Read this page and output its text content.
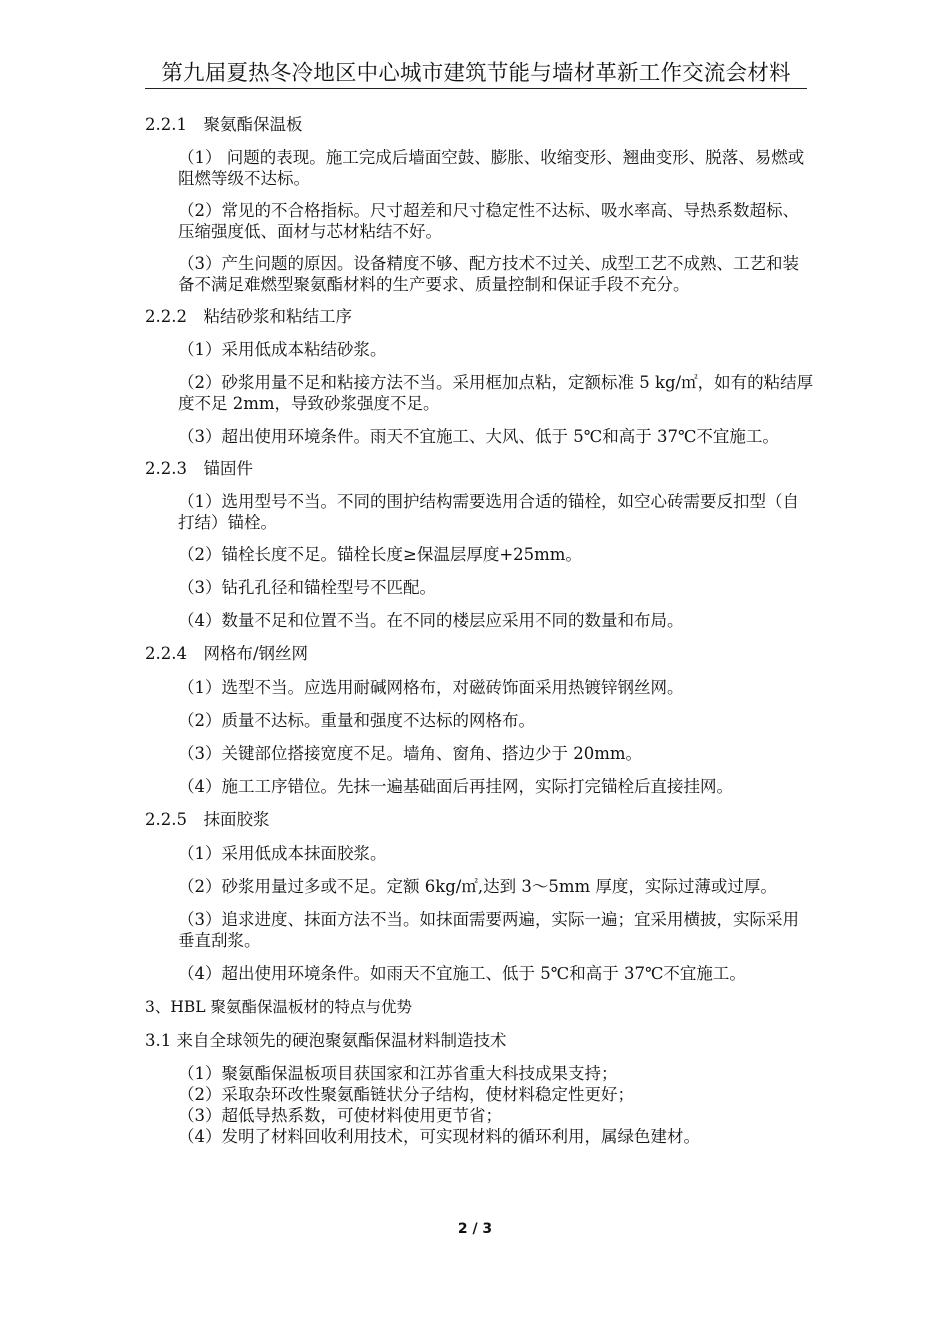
第九届夏热冬冷地区中心城市建筑节能与墙材革新工作交流会材料
2.2.1　聚氨酯保温板

（1） 问题的表现。施工完成后墙面空鼓、膨胀、收缩变形、翘曲变形、脱落、易燃或阻燃等级不达标。

（2）常见的不合格指标。尺寸超差和尺寸稳定性不达标、吸水率高、导热系数超标、压缩强度低、面材与芯材粘结不好。

（3）产生问题的原因。设备精度不够、配方技术不过关、成型工艺不成熟、工艺和装备不满足难燃型聚氨酯材料的生产要求、质量控制和保证手段不充分。

2.2.2　粘结砂浆和粘结工序

（1）采用低成本粘结砂浆。

（2）砂浆用量不足和粘接方法不当。采用框加点粘，定额标准 5 kg/㎡，如有的粘结厚度不足 2mm，导致砂浆强度不足。

（3）超出使用环境条件。雨天不宜施工、大风、低于 5℃和高于 37℃不宜施工。

2.2.3　锚固件

（1）选用型号不当。不同的围护结构需要选用合适的锚栓，如空心砖需要反扣型（自打结）锚栓。

（2）锚栓长度不足。锚栓长度≥保温层厚度+25mm。

（3）钻孔孔径和锚栓型号不匹配。

（4）数量不足和位置不当。在不同的楼层应采用不同的数量和布局。

2.2.4　网格布/钢丝网

（1）选型不当。应选用耐碱网格布，对磁砖饰面采用热镀锌钢丝网。

（2）质量不达标。重量和强度不达标的网格布。

（3）关键部位搭接宽度不足。墙角、窗角、搭边少于 20mm。

（4）施工工序错位。先抹一遍基础面后再挂网，实际打完锚栓后直接挂网。

2.2.5　抹面胶浆

（1）采用低成本抹面胶浆。

（2）砂浆用量过多或不足。定额 6kg/㎡,达到 3～5mm 厚度，实际过薄或过厚。

（3）追求进度、抹面方法不当。如抹面需要两遍，实际一遍；宜采用横披，实际采用垂直刮浆。

（4）超出使用环境条件。如雨天不宜施工、低于 5℃和高于 37℃不宜施工。

3、HBL 聚氨酯保温板材的特点与优势
3.1 来自全球领先的硬泡聚氨酯保温材料制造技术

（1）聚氨酯保温板项目获国家和江苏省重大科技成果支持；

（2）采取杂环改性聚氨酯链状分子结构，使材料稳定性更好；

（3）超低导热系数，可使材料使用更节省；

（4）发明了材料回收利用技术，可实现材料的循环利用，属绿色建材。

2 / 3
